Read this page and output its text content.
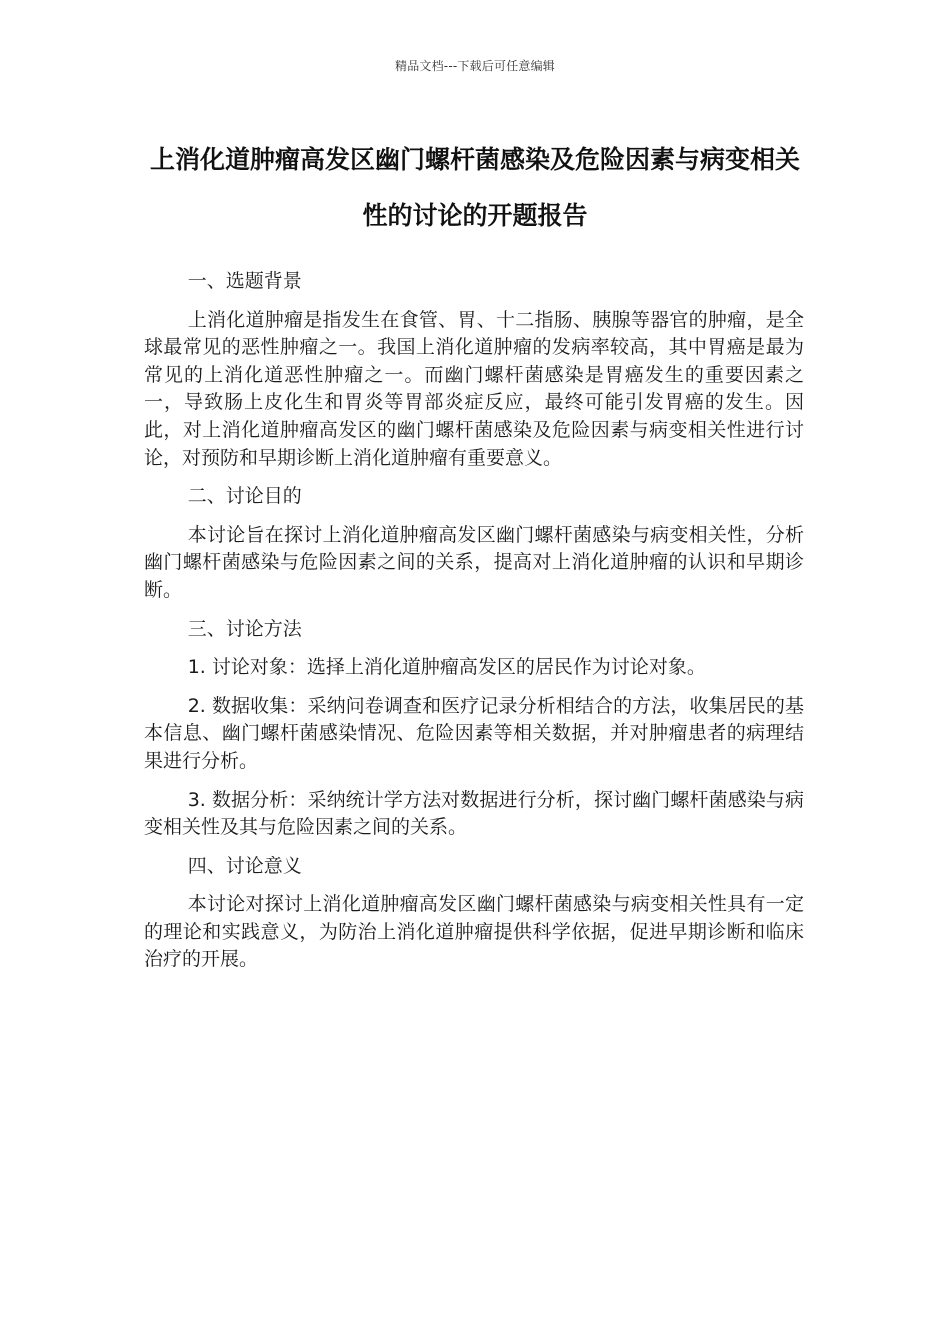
精品文档---下载后可任意编辑
上消化道肿瘤高发区幽门螺杆菌感染及危险因素与病变相关性的讨论的开题报告

一、选题背景

上消化道肿瘤是指发生在食管、胃、十二指肠、胰腺等器官的肿瘤，是全球最常见的恶性肿瘤之一。我国上消化道肿瘤的发病率较高，其中胃癌是最为常见的上消化道恶性肿瘤之一。而幽门螺杆菌感染是胃癌发生的重要因素之一，导致肠上皮化生和胃炎等胃部炎症反应，最终可能引发胃癌的发生。因此，对上消化道肿瘤高发区的幽门螺杆菌感染及危险因素与病变相关性进行讨论，对预防和早期诊断上消化道肿瘤有重要意义。

二、讨论目的

本讨论旨在探讨上消化道肿瘤高发区幽门螺杆菌感染与病变相关性，分析幽门螺杆菌感染与危险因素之间的关系，提高对上消化道肿瘤的认识和早期诊断。

三、讨论方法

1. 讨论对象：选择上消化道肿瘤高发区的居民作为讨论对象。

2. 数据收集：采纳问卷调查和医疗记录分析相结合的方法，收集居民的基本信息、幽门螺杆菌感染情况、危险因素等相关数据，并对肿瘤患者的病理结果进行分析。

3. 数据分析：采纳统计学方法对数据进行分析，探讨幽门螺杆菌感染与病变相关性及其与危险因素之间的关系。

四、讨论意义

本讨论对探讨上消化道肿瘤高发区幽门螺杆菌感染与病变相关性具有一定的理论和实践意义，为防治上消化道肿瘤提供科学依据，促进早期诊断和临床治疗的开展。
